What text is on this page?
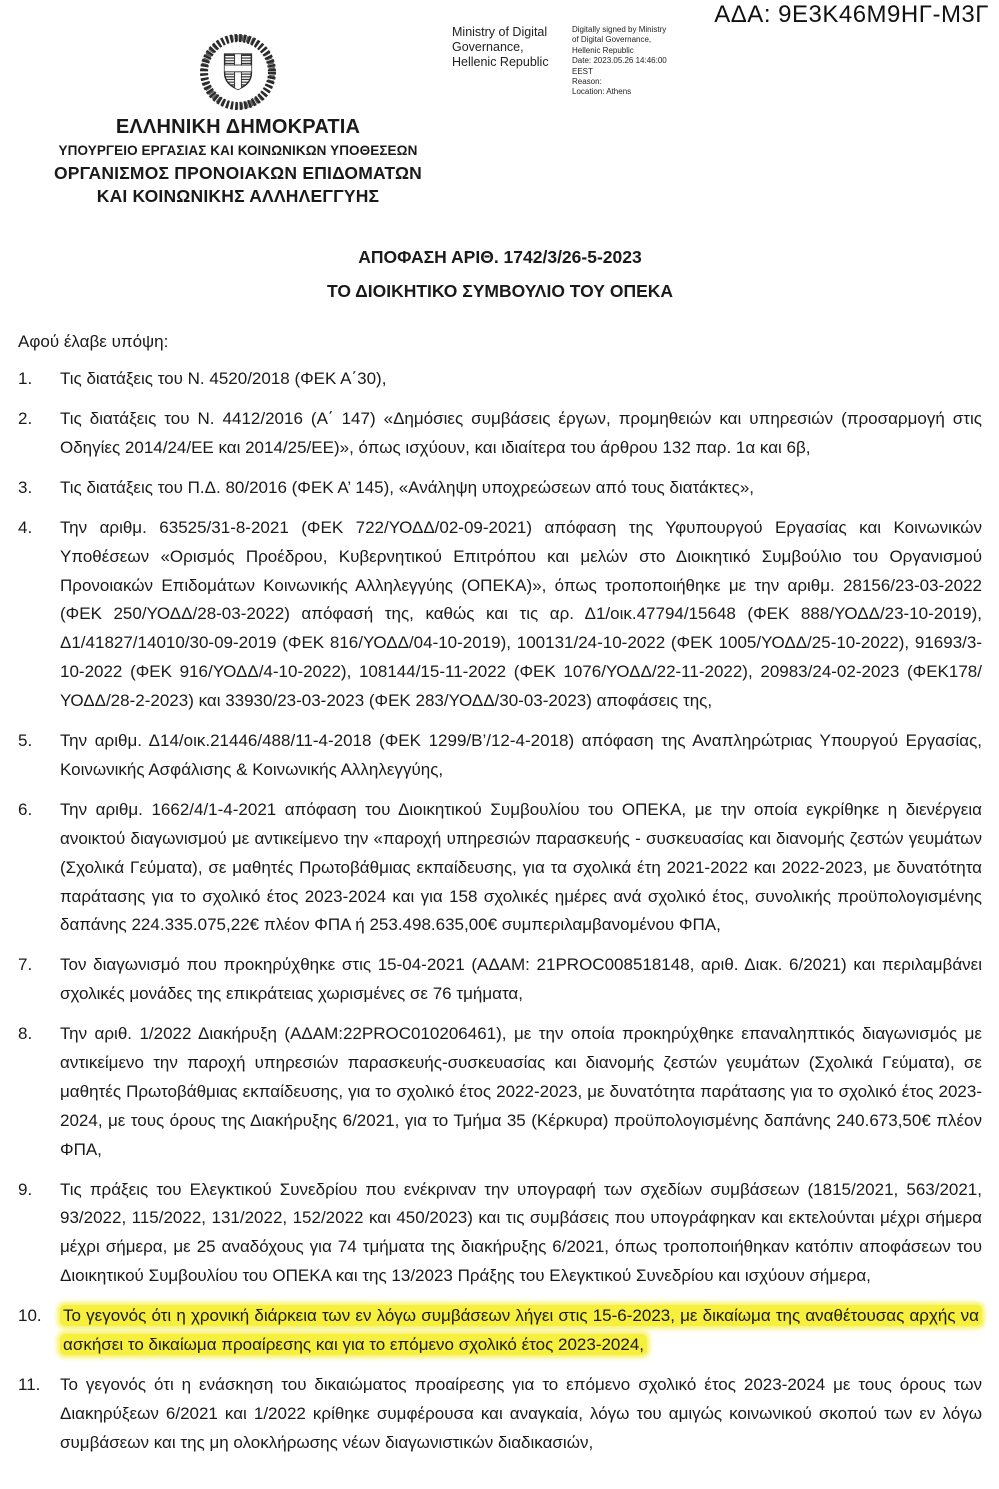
ΑΔΑ: 9Ε3Κ46Μ9ΗΓ-Μ3Γ
Ministry of Digital
Governance,
Hellenic Republic
Digitally signed by Ministry
of Digital Governance,
Hellenic Republic
Date: 2023.05.26 14:46:00
EEST
Reason:
Location: Athens
ΕΛΛΗΝΙΚΗ ΔΗΜΟΚΡΑΤΙΑ
ΥΠΟΥΡΓΕΙΟ ΕΡΓΑΣΙΑΣ ΚΑΙ ΚΟΙΝΩΝΙΚΩΝ ΥΠΟΘΕΣΕΩΝ
ΟΡΓΑΝΙΣΜΟΣ ΠΡΟΝΟΙΑΚΩΝ ΕΠΙΔΟΜΑΤΩΝ
ΚΑΙ ΚΟΙΝΩΝΙΚΗΣ ΑΛΛΗΛΕΓΓΥΗΣ
ΑΠΟΦΑΣΗ ΑΡΙΘ. 1742/3/26-5-2023
ΤΟ ΔΙΟΙΚΗΤΙΚΟ ΣΥΜΒΟΥΛΙΟ ΤΟΥ ΟΠΕΚΑ
Αφού έλαβε υπόψη:
1. Τις διατάξεις του Ν. 4520/2018 (ΦΕΚ Α΄30),
2. Τις διατάξεις του Ν. 4412/2016 (Α΄ 147) «Δημόσιες συμβάσεις έργων, προμηθειών και υπηρεσιών (προσαρμογή στις Οδηγίες 2014/24/ΕΕ και 2014/25/ΕΕ)», όπως ισχύουν, και ιδιαίτερα του άρθρου 132 παρ. 1α και 6β,
3. Τις διατάξεις του Π.Δ. 80/2016 (ΦΕΚ Α’ 145), «Ανάληψη υποχρεώσεων από τους διατάκτες»,
4. Την αριθμ. 63525/31-8-2021 (ΦΕΚ 722/ΥΟΔΔ/02-09-2021) απόφαση της Υφυπουργού Εργασίας και Κοινωνικών Υποθέσεων «Ορισμός Προέδρου, Κυβερνητικού Επιτρόπου και μελών στο Διοικητικό Συμβούλιο του Οργανισμού Προνοιακών Επιδομάτων Κοινωνικής Αλληλεγγύης (ΟΠΕΚΑ)», όπως τροποποιήθηκε με την αριθμ. 28156/23-03-2022 (ΦΕΚ 250/ΥΟΔΔ/28-03-2022) απόφασή της, καθώς και τις αρ. Δ1/οικ.47794/15648 (ΦΕΚ 888/ΥΟΔΔ/23-10-2019), Δ1/41827/14010/30-09-2019 (ΦΕΚ 816/ΥΟΔΔ/04-10-2019), 100131/24-10-2022 (ΦΕΚ 1005/ΥΟΔΔ/25-10-2022), 91693/3-10-2022 (ΦΕΚ 916/ΥΟΔΔ/4-10-2022), 108144/15-11-2022 (ΦΕΚ 1076/ΥΟΔΔ/22-11-2022), 20983/24-02-2023 (ΦΕΚ178/ΥΟΔΔ/28-2-2023) και 33930/23-03-2023 (ΦΕΚ 283/ΥΟΔΔ/30-03-2023) αποφάσεις της,
5. Την αριθμ. Δ14/οικ.21446/488/11-4-2018 (ΦΕΚ 1299/Β’/12-4-2018) απόφαση της Αναπληρώτριας Υπουργού Εργασίας, Κοινωνικής Ασφάλισης & Κοινωνικής Αλληλεγγύης,
6. Την αριθμ. 1662/4/1-4-2021 απόφαση του Διοικητικού Συμβουλίου του ΟΠΕΚΑ, με την οποία εγκρίθηκε η διενέργεια ανοικτού διαγωνισμού με αντικείμενο την «παροχή υπηρεσιών παρασκευής - συσκευασίας και διανομής ζεστών γευμάτων (Σχολικά Γεύματα), σε μαθητές Πρωτοβάθμιας εκπαίδευσης, για τα σχολικά έτη 2021-2022 και 2022-2023, με δυνατότητα παράτασης για το σχολικό έτος 2023-2024 και για 158 σχολικές ημέρες ανά σχολικό έτος, συνολικής προϋπολογισμένης δαπάνης 224.335.075,22€ πλέον ΦΠΑ ή 253.498.635,00€ συμπεριλαμβανομένου ΦΠΑ,
7. Τον διαγωνισμό που προκηρύχθηκε στις 15-04-2021 (ΑΔΑΜ: 21PROC008518148, αριθ. Διακ. 6/2021) και περιλαμβάνει σχολικές μονάδες της επικράτειας χωρισμένες σε 76 τμήματα,
8. Την αριθ. 1/2022 Διακήρυξη (ΑΔΑΜ:22PROC010206461), με την οποία προκηρύχθηκε επαναληπτικός διαγωνισμός με αντικείμενο την παροχή υπηρεσιών παρασκευής-συσκευασίας και διανομής ζεστών γευμάτων (Σχολικά Γεύματα), σε μαθητές Πρωτοβάθμιας εκπαίδευσης, για το σχολικό έτος 2022-2023, με δυνατότητα παράτασης για το σχολικό έτος 2023-2024, με τους όρους της Διακήρυξης 6/2021, για το Τμήμα 35 (Κέρκυρα) προϋπολογισμένης δαπάνης 240.673,50€ πλέον ΦΠΑ,
9. Τις πράξεις του Ελεγκτικού Συνεδρίου που ενέκριναν την υπογραφή των σχεδίων συμβάσεων (1815/2021, 563/2021, 93/2022, 115/2022, 131/2022, 152/2022 και 450/2023) και τις συμβάσεις που υπογράφηκαν και εκτελούνται μέχρι σήμερα μέχρι σήμερα, με 25 αναδόχους για 74 τμήματα της διακήρυξης 6/2021, όπως τροποποιήθηκαν κατόπιν αποφάσεων του Διοικητικού Συμβουλίου του ΟΠΕΚΑ και της 13/2023 Πράξης του Ελεγκτικού Συνεδρίου και ισχύουν σήμερα,
10. Το γεγονός ότι η χρονική διάρκεια των εν λόγω συμβάσεων λήγει στις 15-6-2023, με δικαίωμα της αναθέτουσας αρχής να ασκήσει το δικαίωμα προαίρεσης και για το επόμενο σχολικό έτος 2023-2024,
11. Το γεγονός ότι η ενάσκηση του δικαιώματος προαίρεσης για το επόμενο σχολικό έτος 2023-2024 με τους όρους των Διακηρύξεων 6/2021 και 1/2022 κρίθηκε συμφέρουσα και αναγκαία, λόγω του αμιγώς κοινωνικού σκοπού των εν λόγω συμβάσεων και της μη ολοκλήρωσης νέων διαγωνιστικών διαδικασιών,
